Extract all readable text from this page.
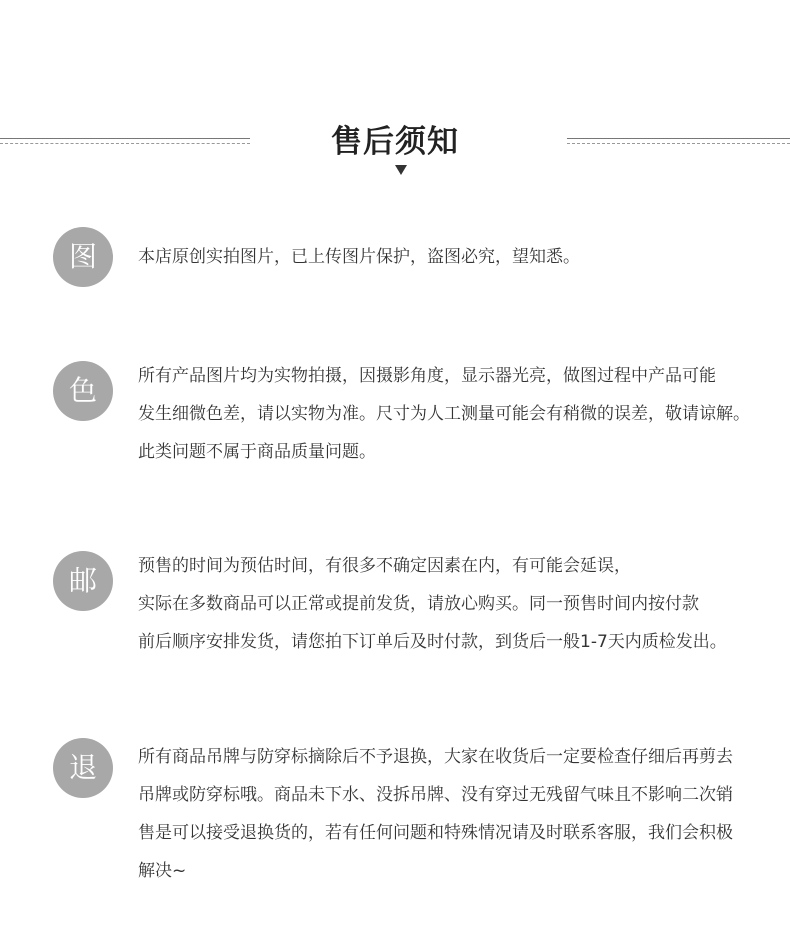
售后须知
图	本店原创实拍图片，已上传图片保护，盗图必究，望知悉。
色	所有产品图片均为实物拍摄，因摄影角度，显示器光亮，做图过程中产品可能
发生细微色差，请以实物为准。尺寸为人工测量可能会有稍微的误差，敬请谅解。
此类问题不属于商品质量问题。
邮	预售的时间为预估时间，有很多不确定因素在内，有可能会延误，
实际在多数商品可以正常或提前发货，请放心购买。同一预售时间内按付款
前后顺序安排发货，请您拍下订单后及时付款，到货后一般1-7天内质检发出。
退	所有商品吊牌与防穿标摘除后不予退换，大家在收货后一定要检查仔细后再剪去
吊牌或防穿标哦。商品未下水、没拆吊牌、没有穿过无残留气味且不影响二次销
售是可以接受退换货的，若有任何问题和特殊情况请及时联系客服，我们会积极
解决~
